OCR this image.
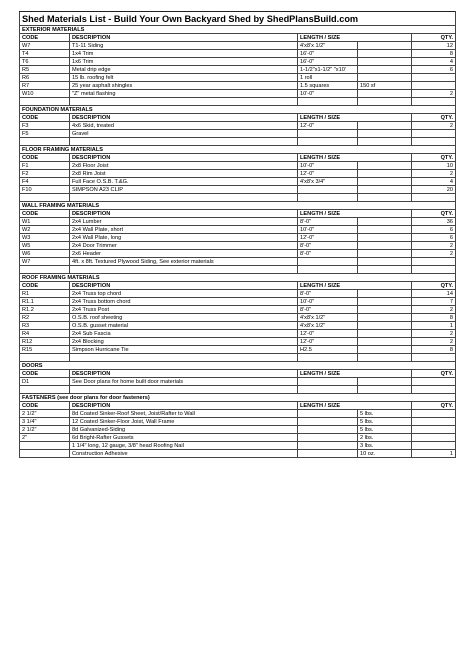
Shed Materials List - Build Your Own Backyard Shed by ShedPlansBuild.com				
EXTERIOR MATERIALS				
CODE	DESCRIPTION	LENGTH / SIZE		QTY.
W7	T1-11 Siding	4'x8'x 1/2"		12
T4	1x4 Trim	16'-0"		8
T6	1x6 Trim	16'-0"		4
R5	Metal drip edge	1-1/2"x1-1/2" "x10'		6
R6	15 lb. roofing felt	1 roll		
R7	25 year asphalt shingles	1.5 squares	150 sf	
W10	"Z" metal flashing	10'-0"		2

FOUNDATION MATERIALS				
CODE	DESCRIPTION	LENGTH / SIZE		QTY.
F3	4x6 Skid, treated	12'-0"		2
F5	Gravel			

FLOOR FRAMING MATERIALS				
CODE	DESCRIPTION	LENGTH / SIZE		QTY.
F1	2x8 Floor Joist	10'-0"		10
F2	2x8 Rim Joist	12'-0"		2
F4	Full Face O.S.B. T.&G.	4'x8'x 3/4"		4
F10	SIMPSON A23 CLIP			20

WALL FRAMING MATERIALS				
CODE	DESCRIPTION	LENGTH / SIZE		QTY.
W1	2x4 Lumber	8'-0"		36
W2	2x4 Wall Plate, short	10'-0"		6
W3	2x4 Wall Plate, long	12'-0"		6
W5	2x4 Door Trimmer	8'-0"		2
W6	2x6 Header	8'-0"		2
W7	4ft. x 8ft. Textured Plywood Siding, See exterior materials			

ROOF FRAMING MATERIALS				
CODE	DESCRIPTION	LENGTH / SIZE		QTY.
R1	2x4 Truss top chord	8'-0"		14
R1.1	2x4 Truss bottom chord	10'-0"		7
R1.2	2x4 Truss Post	8'-0"		2
R2	O.S.B. roof sheeting	4'x8'x 1/2"		8
R3	O.S.B. gusset material	4'x8'x 1/2"		1
R4	2x4 Sub Fascia	12'-0"		2
R12	2x4 Blocking	12'-0"		2
R15	Simpson Hurricane Tie	H2.5		8

DOORS				
CODE	DESCRIPTION	LENGTH / SIZE		QTY.
D1	See Door plans for home built door materials			

FASTENERS (see door plans for door fasteners)				
CODE	DESCRIPTION	LENGTH / SIZE		QTY.
2 1/2"	8d Coated Sinker-Roof Sheet, Joist/Rafter to Wall		5 lbs.	
3 1/4"	12 Coated Sinker-Floor Joist, Wall Frame		5 lbs.	
2 1/2"	8d Galvanized-Siding		5 lbs.	
2"	6d Bright-Rafter Gussets		2 lbs.	
	1 1/4" long, 12 gauge, 3/8" head Roofing Nail		3 lbs.	
	Construction Adhesive		10 oz.	1
